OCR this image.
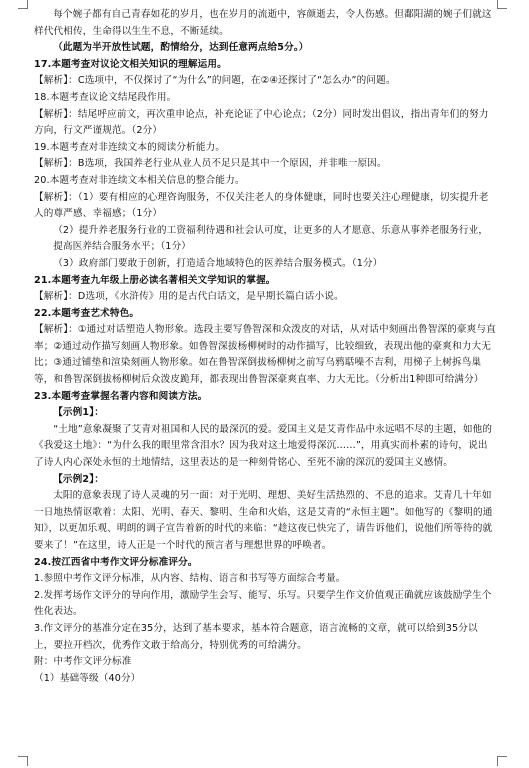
每个婉子都有自己青春如花的岁月，也在岁月的流逝中，容颜逝去，令人伤感。但鄱阳湖的婉子们就这样代代相传，生命得以生生不息，不断延续。

（此题为半开放性试题，酌情给分，达到任意两点给5分。）

17.本题考查对议论文相关知识的理解运用。

【解析】：C选项中，不仅探讨了“为什么”的问题，在②④还探讨了“怎么办”的问题。

18.本题考查议论文结尾段作用。

【解析】：结尾呼应前文，再次重申论点，补充论证了中心论点；（2分）同时发出倡议，指出青年们的努力方向，行文严谨规范。（2分）

19.本题考查对非连续文本的阅读分析能力。

【解析】：B选项，我国养老行业从业人员不足只是其中一个原因，并非唯一原因。

20.本题考查对非连续文本相关信息的整合能力。

【解析】：（1）要有相应的心理咨询服务，不仅关注老人的身体健康，同时也要关注心理健康，切实提升老人的尊严感、幸福感；（1分）

（2）提升养老服务行业的工资福利待遇和社会认可度，让更多的人才愿意、乐意从事养老服务行业，提高医养结合服务水平；（1分）

（3）政府部门要敢于创新，打造适合地域特色的医养结合服务模式。（1分）

21.本题考查九年级上册必读名著相关文学知识的掌握。

【解析】：D选项，《水浒传》用的是古代白话文，是早期长篇白话小说。

22.本题考查艺术特色。

【解析】：①通过对话塑造人物形象。选段主要写鲁智深和众泼皮的对话，从对话中刻画出鲁智深的豪爽与直率；②通过动作描写刻画人物形象。如鲁智深拔杨柳树时的动作描写，比较细致，表现出他的豪爽和力大无比；③通过铺垫和渲染刻画人物形象。如在鲁智深倒拔杨柳树之前写乌鸦聒噪不吉利，用梯子上树拆鸟巢等，和鲁智深倒拔杨柳树后众泼皮跪拜，都表现出鲁智深豪爽直率、力大无比。（分析出1种即可给满分）

23.本题考查掌握名著内容和阅读方法。

【示例1】：

“土地”意象凝聚了艾青对祖国和人民的最深沉的爱。爱国主义是艾青作品中永远唱不尽的主题，如他的《我爱这土地》：“为什么我的眼里常含泪水？因为我对这土地爱得深沉……”，用真实而朴素的诗句，说出了诗人内心深处永恒的土地情结，这里表达的是一种刻骨铭心、至死不渝的深沉的爱国主义感情。

【示例2】：

太阳的意象表现了诗人灵魂的另一面：对于光明、理想、美好生活热烈的、不息的追求。艾青几十年如一日地热情讴歌着：太阳、光明、春天、黎明、生命和火焰，这是艾青的“永恒主题”。如他写的《黎明的通知》，以更加乐观、明朗的调子宣告着新的时代的来临：“趁这夜已快完了，请告诉他们，说他们所等待的就要来了！”在这里，诗人正是一个时代的预言者与理想世界的呼唤者。

24.按江西省中考作文评分标准评分。

1.参照中考作文评分标准，从内容、结构、语言和书写等方面综合考量。

2.发挥考场作文评分的导向作用，激励学生会写、能写、乐写。只要学生作文价值观正确就应该鼓励学生个性化表达。

3.作文评分的基准分定在35分，达到了基本要求，基本符合题意，语言流畅的文章，就可以给到35分以上，要拉开档次，优秀作文敢于给高分，特别优秀的可给满分。

附：中考作文评分标准

（1）基础等级（40分）
